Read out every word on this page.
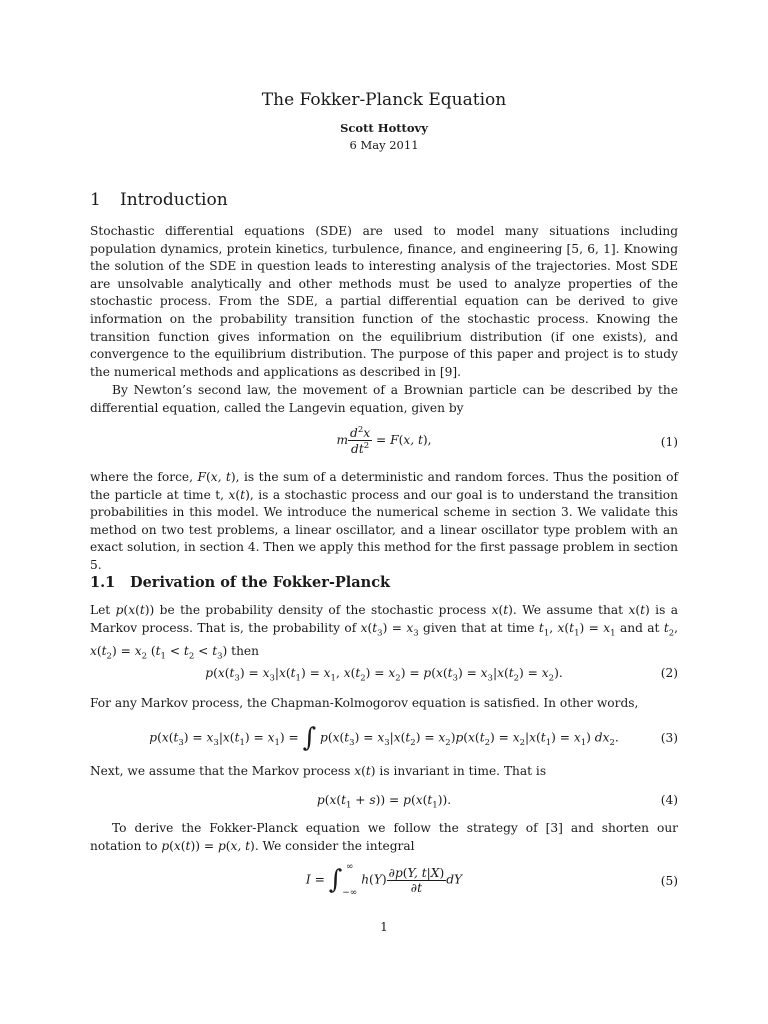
The Fokker-Planck Equation
Scott Hottovy
6 May 2011
1 Introduction

Stochastic differential equations (SDE) are used to model many situations including population dynamics, protein kinetics, turbulence, finance, and engineering [5, 6, 1]. Knowing the solution of the SDE in question leads to interesting analysis of the trajectories. Most SDE are unsolvable analytically and other methods must be used to analyze properties of the stochastic process. From the SDE, a partial differential equation can be derived to give information on the probability transition function of the stochastic process. Knowing the transition function gives information on the equilibrium distribution (if one exists), and convergence to the equilibrium distribution. The purpose of this paper and project is to study the numerical methods and applications as described in [9].

By Newton’s second law, the movement of a Brownian particle can be described by the differential equation, called the Langevin equation, given by

m $\frac{d^2x}{dt^2} = F(x$, t),	(1)

where the force, F(x, t), is the sum of a deterministic and random forces. Thus the position of the particle at time t, x(t), is a stochastic process and our goal is to understand the transition probabilities in this model. We introduce the numerical scheme in section 3. We validate this method on two test problems, a linear oscillator, and a linear oscillator type problem with an exact solution, in section 4. Then we apply this method for the first passage problem in section 5.

1.1 Derivation of the Fokker-Planck

Let p(x(t)) be the probability density of the stochastic process x(t). We assume that x(t) is a Markov process. That is, the probability of $x(t_3) = x_3$ given that at time $t_1$, $x(t_1) = x_1$ and at $t_2$, $x(t_2) = x_2$ $(t_1 < t_2 < t_3)$ then

$p(x(t_3) = x_3|x(t_1) = x_1$, $x(t_2) = x_2) = p(x(t_3) = x_3|x(t_2) = x_2)$.	(2)

For any Markov process, the Chapman-Kolmogorov equation is satisfied. In other words,

$p(x(t_3) = x_3|x(t_1) = x_1)$ = ∫ $p(x(t_3) = x_3|x(t_2) = x_2)p(x(t_2) = x_2|x(t_1) = x_1)$ $dx_2$.	(3)

Next, we assume that the Markov process x(t) is invariant in time. That is

$p(x(t_1 + s)) = p(x(t_1))$.	(4)

To derive the Fokker-Planck equation we follow the strategy of [3] and shorten our notation to p(x(t)) = p(x, t). We consider the integral

I = ∫ ∞
−∞
$h(Y) \frac{\partial p(Y, t|X)}{\partial t}$ dY	(5)
1
